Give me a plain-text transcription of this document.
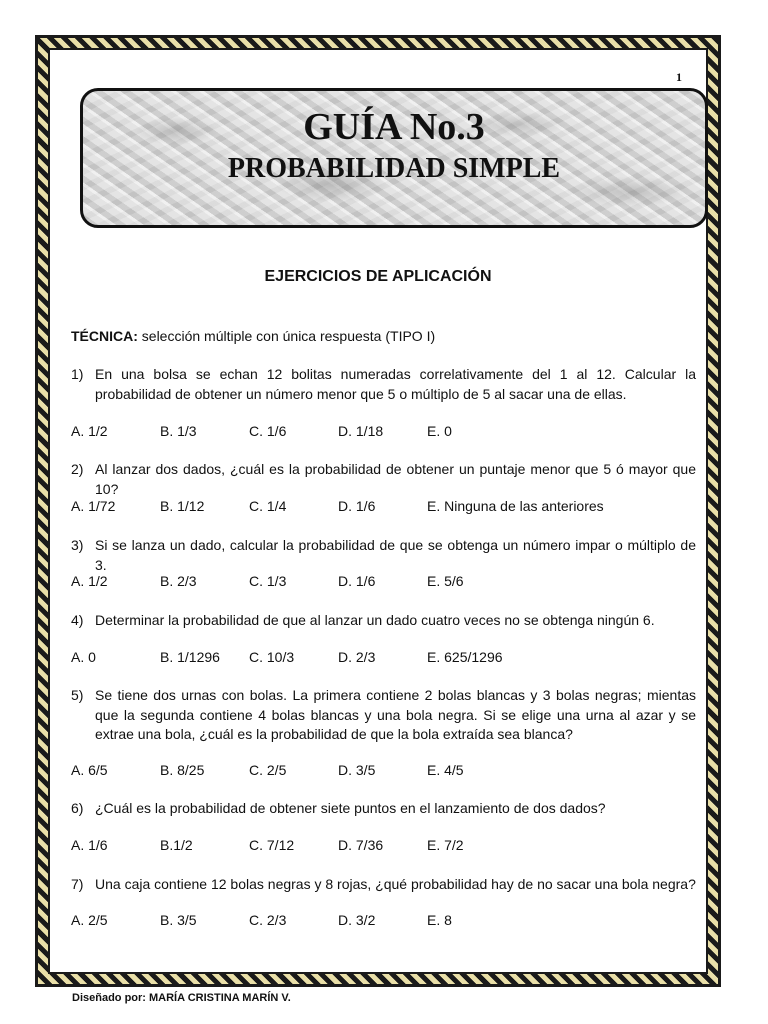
1
GUÍA No.3
PROBABILIDAD SIMPLE
EJERCICIOS DE APLICACIÓN
TÉCNICA: selección múltiple con única respuesta (TIPO I)
1) En una bolsa se echan 12 bolitas numeradas correlativamente del 1 al 12. Calcular la probabilidad de obtener un número menor que 5 o múltiplo de 5 al sacar una de ellas.
A. 1/2	B. 1/3	C. 1/6	D. 1/18	E. 0
2) Al lanzar dos dados, ¿cuál es la probabilidad de obtener un puntaje menor que 5 ó mayor que 10?
A. 1/72	B. 1/12	C. 1/4	D. 1/6	E. Ninguna de las anteriores
3) Si se lanza un dado, calcular la probabilidad de que se obtenga un número impar o múltiplo de 3.
A. 1/2	B. 2/3	C. 1/3	D. 1/6	E. 5/6
4) Determinar la probabilidad de que al lanzar un dado cuatro veces no se obtenga ningún 6.
A. 0	B. 1/1296 C. 10/3	D. 2/3	E. 625/1296
5) Se tiene dos urnas con bolas. La primera contiene 2 bolas blancas y 3 bolas negras; mientas que la segunda contiene 4 bolas blancas y una bola negra. Si se elige una urna al azar y se extrae una bola, ¿cuál es la probabilidad de que la bola extraída sea blanca?
A. 6/5	B. 8/25	C. 2/5	D. 3/5	E. 4/5
6) ¿Cuál es la probabilidad de obtener siete puntos en el lanzamiento de dos dados?
A. 1/6	B.1/2	C. 7/12	D. 7/36	E. 7/2
7) Una caja contiene 12 bolas negras y 8 rojas, ¿qué probabilidad hay de no sacar una bola negra?
A. 2/5	B. 3/5	C. 2/3	D. 3/2	E. 8
Diseñado por: MARÍA CRISTINA MARÍN V.
